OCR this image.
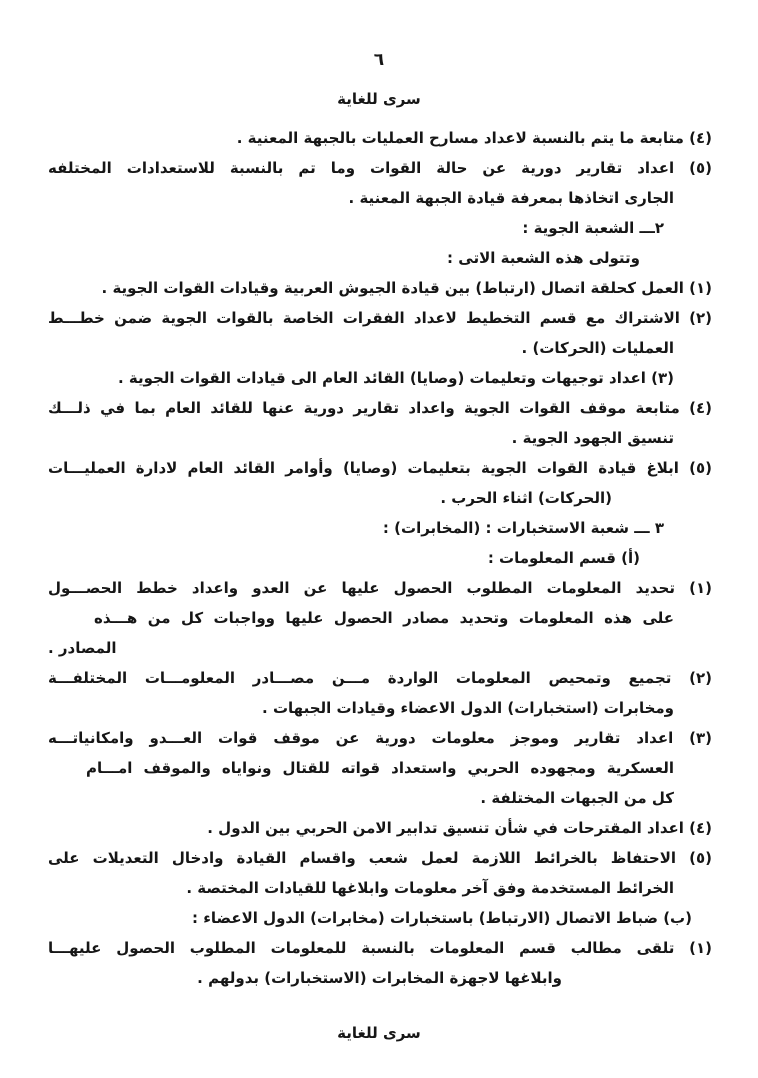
٦
سرى للغاية
(٤) متابعة ما يتم بالنسبة لاعداد مسارح العمليات بالجبهة المعنية .
(٥) اعداد تقارير دورية عن حالة القوات وما تم بالنسبة للاستعدادات المختلفه
الجارى اتخاذها بمعرفة قيادة الجبهة المعنية .
٢ـــ الشعبة الجوية :
وتتولى هذه الشعبة الاتى :
(١) العمل كحلقة اتصال (ارتباط) بين قيادة الجيوش العربية وقيادات القوات الجوية .
(٢) الاشتراك مع قسم التخطيط لاعداد الفقرات الخاصة بالقوات الجوية ضمن خطـــط
العمليات (الحركات) .
(٣) اعداد توجيهات وتعليمات (وصايا) القائد العام الى قيادات القوات الجوية .
(٤) متابعة موقف القوات الجوية واعداد تقارير دورية عنها للقائد العام بما في ذلـــك
تنسيق الجهود الجوية .
(٥) ابلاغ قيادة القوات الجوية بتعليمات (وصايا) وأوامر القائد العام لادارة العمليـــات
(الحركات) اثناء الحرب .
٣ ـــ شعبة الاستخبارات : (المخابرات) :
(أ) قسم المعلومات :
(١) تحديد المعلومات المطلوب الحصول عليها عن العدو واعداد خطط الحصـــول
على هذه المعلومات وتحديد مصادر الحصول عليها وواجبات كل من هـــذه
المصادر .
(٢) تجميع وتمحيص المعلومات الواردة مـــن مصـــادر المعلومـــات المختلفـــة
ومخابرات (استخبارات) الدول الاعضاء وقيادات الجبهات .
(٣) اعداد تقارير وموجز معلومات دورية عن موقف قوات العـــدو وامكانياتـــه
العسكرية ومجهوده الحربي واستعداد قواته للقتال ونواياه والموقف امـــام
كل من الجبهات المختلفة .
(٤) اعداد المقترحات في شأن تنسيق تدابير الامن الحربي بين الدول .
(٥) الاحتفاظ بالخرائط اللازمة لعمل شعب واقسام القيادة وادخال التعديلات على
الخرائط المستخدمة وفق آخر معلومات وابلاغها للقيادات المختصة .
(ب) ضباط الاتصال (الارتباط) باستخبارات (مخابرات) الدول الاعضاء :
(١) تلقى مطالب قسم المعلومات بالنسبة للمعلومات المطلوب الحصول عليهـــا
وابلاغها لاجهزة المخابرات (الاستخبارات) بدولهم .
سرى للغاية
